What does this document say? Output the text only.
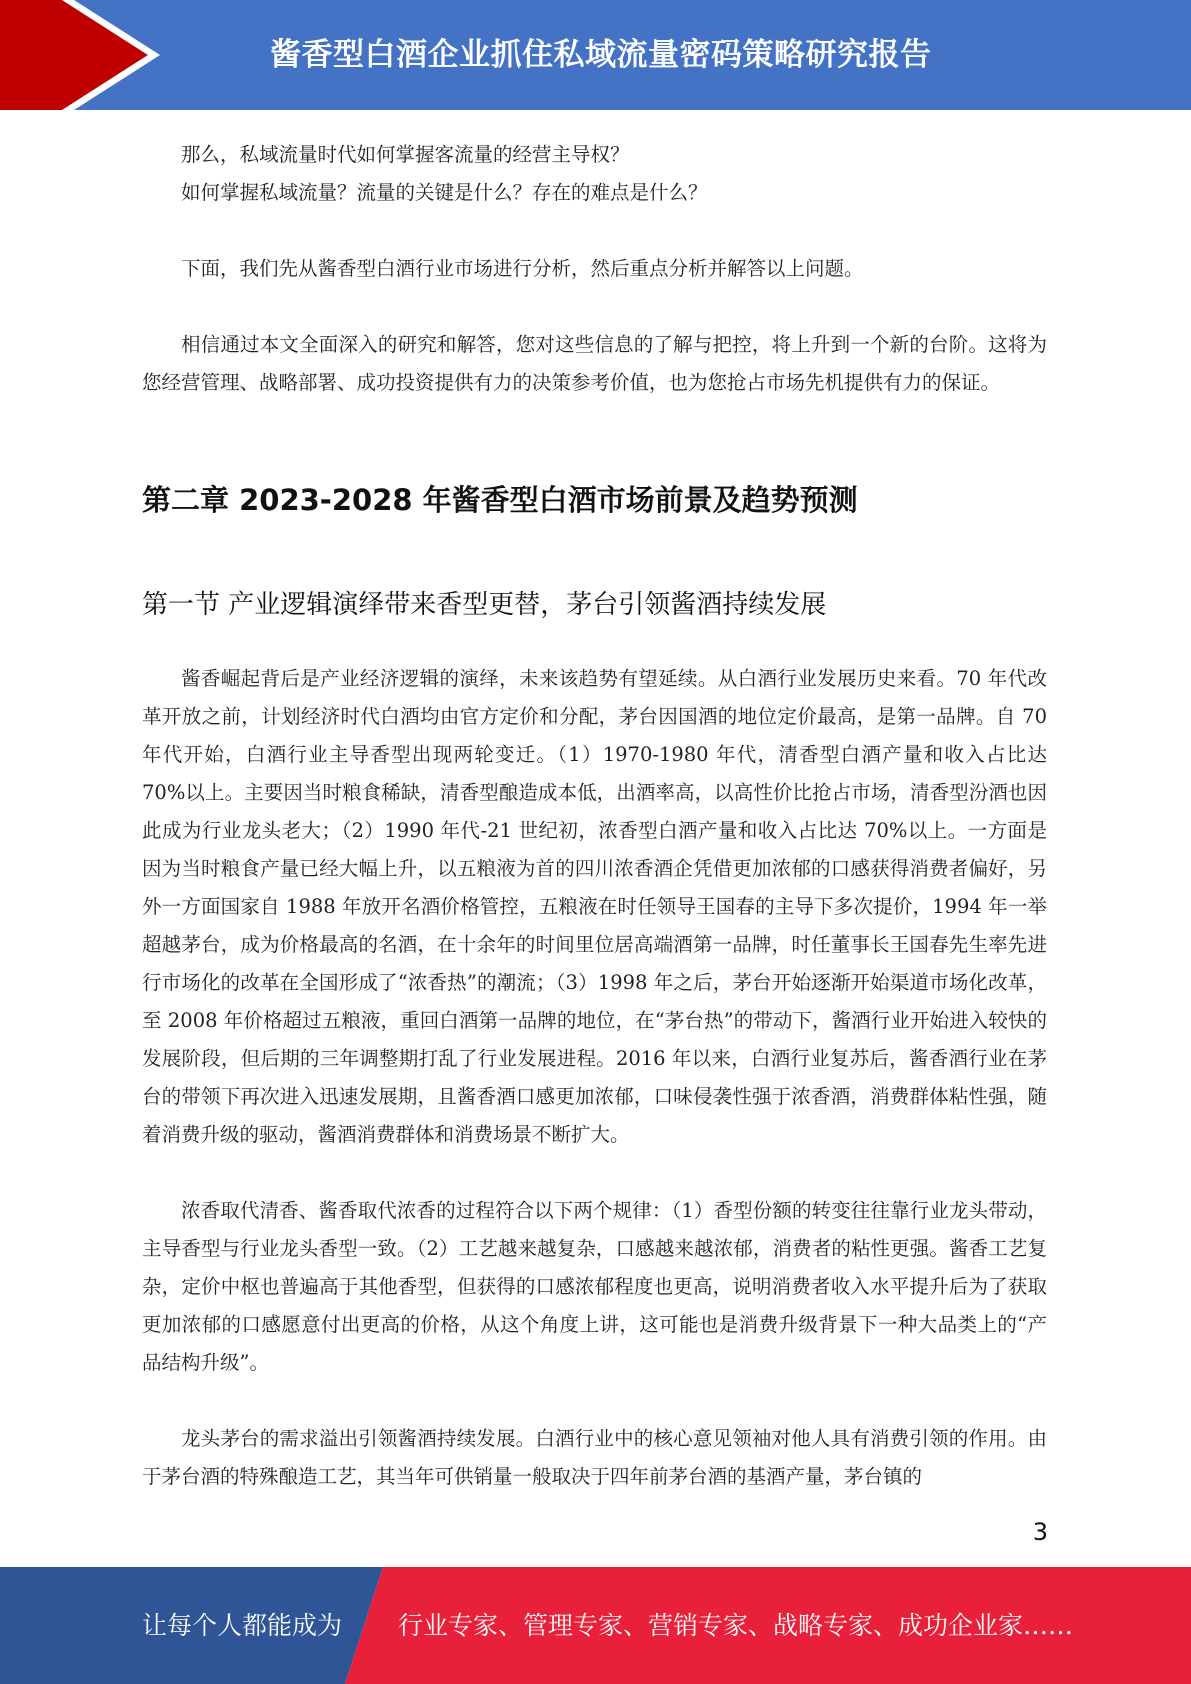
酱香型白酒企业抓住私域流量密码策略研究报告

那么，私域流量时代如何掌握客流量的经营主导权？

如何掌握私域流量？流量的关键是什么？存在的难点是什么？

下面，我们先从酱香型白酒行业市场进行分析，然后重点分析并解答以上问题。

相信通过本文全面深入的研究和解答，您对这些信息的了解与把控，将上升到一个新的台阶。这将为您经营管理、战略部署、成功投资提供有力的决策参考价值，也为您抢占市场先机提供有力的保证。

第二章 2023-2028 年酱香型白酒市场前景及趋势预测
第一节 产业逻辑演绎带来香型更替，茅台引领酱酒持续发展

酱香崛起背后是产业经济逻辑的演绎，未来该趋势有望延续。从白酒行业发展历史来看。70 年代改革开放之前，计划经济时代白酒均由官方定价和分配，茅台因国酒的地位定价最高，是第一品牌。自 70 年代开始，白酒行业主导香型出现两轮变迁。（1）1970-1980 年代，清香型白酒产量和收入占比达 70%以上。主要因当时粮食稀缺，清香型酿造成本低，出酒率高，以高性价比抢占市场，清香型汾酒也因此成为行业龙头老大；（2）1990 年代-21 世纪初，浓香型白酒产量和收入占比达 70%以上。一方面是因为当时粮食产量已经大幅上升，以五粮液为首的四川浓香酒企凭借更加浓郁的口感获得消费者偏好，另外一方面国家自 1988 年放开名酒价格管控，五粮液在时任领导王国春的主导下多次提价，1994 年一举超越茅台，成为价格最高的名酒，在十余年的时间里位居高端酒第一品牌，时任董事长王国春先生率先进行市场化的改革在全国形成了“浓香热”的潮流；（3）1998 年之后，茅台开始逐渐开始渠道市场化改革，至 2008 年价格超过五粮液，重回白酒第一品牌的地位，在“茅台热”的带动下，酱酒行业开始进入较快的发展阶段，但后期的三年调整期打乱了行业发展进程。2016 年以来，白酒行业复苏后，酱香酒行业在茅台的带领下再次进入迅速发展期，且酱香酒口感更加浓郁，口味侵袭性强于浓香酒，消费群体粘性强，随着消费升级的驱动，酱酒消费群体和消费场景不断扩大。

浓香取代清香、酱香取代浓香的过程符合以下两个规律：（1）香型份额的转变往往靠行业龙头带动，主导香型与行业龙头香型一致。（2）工艺越来越复杂，口感越来越浓郁，消费者的粘性更强。酱香工艺复杂，定价中枢也普遍高于其他香型，但获得的口感浓郁程度也更高，说明消费者收入水平提升后为了获取更加浓郁的口感愿意付出更高的价格，从这个角度上讲，这可能也是消费升级背景下一种大品类上的“产品结构升级”。

龙头茅台的需求溢出引领酱酒持续发展。白酒行业中的核心意见领袖对他人具有消费引领的作用。由于茅台酒的特殊酿造工艺，其当年可供销量一般取决于四年前茅台酒的基酒产量，茅台镇的

3
让每个人都能成为 行业专家、管理专家、营销专家、战略专家、成功企业家……
